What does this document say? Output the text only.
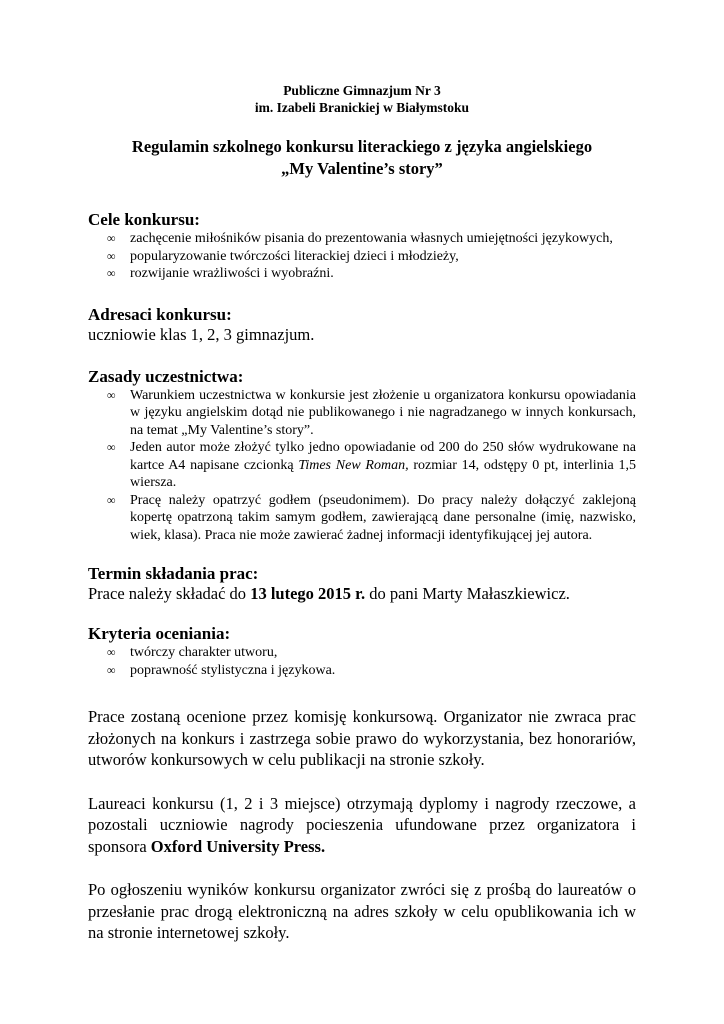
Publiczne Gimnazjum Nr 3
im. Izabeli Branickiej w Białymstoku
Regulamin szkolnego konkursu literackiego z języka angielskiego
„My Valentine’s story”
Cele konkursu:
∞ zachęcenie miłośników pisania do prezentowania własnych umiejętności językowych,
∞ popularyzowanie twórczości literackiej dzieci i młodzieży,
∞ rozwijanie wrażliwości i wyobraźni.
Adresaci konkursu:
uczniowie klas 1, 2, 3 gimnazjum.
Zasady uczestnictwa:
∞ Warunkiem uczestnictwa w konkursie jest złożenie u organizatora konkursu opowiadania w języku angielskim dotąd nie publikowanego i nie nagradzanego w innych konkursach, na temat „My Valentine’s story”.
∞ Jeden autor może złożyć tylko jedno opowiadanie od 200 do 250 słów wydrukowane na kartce A4 napisane czcionką Times New Roman, rozmiar 14, odstępy 0 pt, interlinia 1,5 wiersza.
∞ Pracę należy opatrzyć godłem (pseudonimem). Do pracy należy dołączyć zaklejoną kopertę opatrzoną takim samym godłem, zawierającą dane personalne (imię, nazwisko, wiek, klasa). Praca nie może zawierać żadnej informacji identyfikującej jej autora.
Termin składania prac:
Prace należy składać do 13 lutego 2015 r. do pani Marty Małaszkiewicz.
Kryteria oceniania:
∞ twórczy charakter utworu,
∞ poprawność stylistyczna i językowa.
Prace zostaną ocenione przez komisję konkursową. Organizator nie zwraca prac złożonych na konkurs i zastrzega sobie prawo do wykorzystania, bez honorariów, utworów konkursowych w celu publikacji na stronie szkoły.
Laureaci konkursu (1, 2 i 3 miejsce) otrzymają dyplomy i nagrody rzeczowe, a pozostali uczniowie nagrody pocieszenia ufundowane przez organizatora i sponsora Oxford University Press.
Po ogłoszeniu wyników konkursu organizator zwróci się z prośbą do laureatów o przesłanie prac drogą elektroniczną na adres szkoły w celu opublikowania ich w na stronie internetowej szkoły.
